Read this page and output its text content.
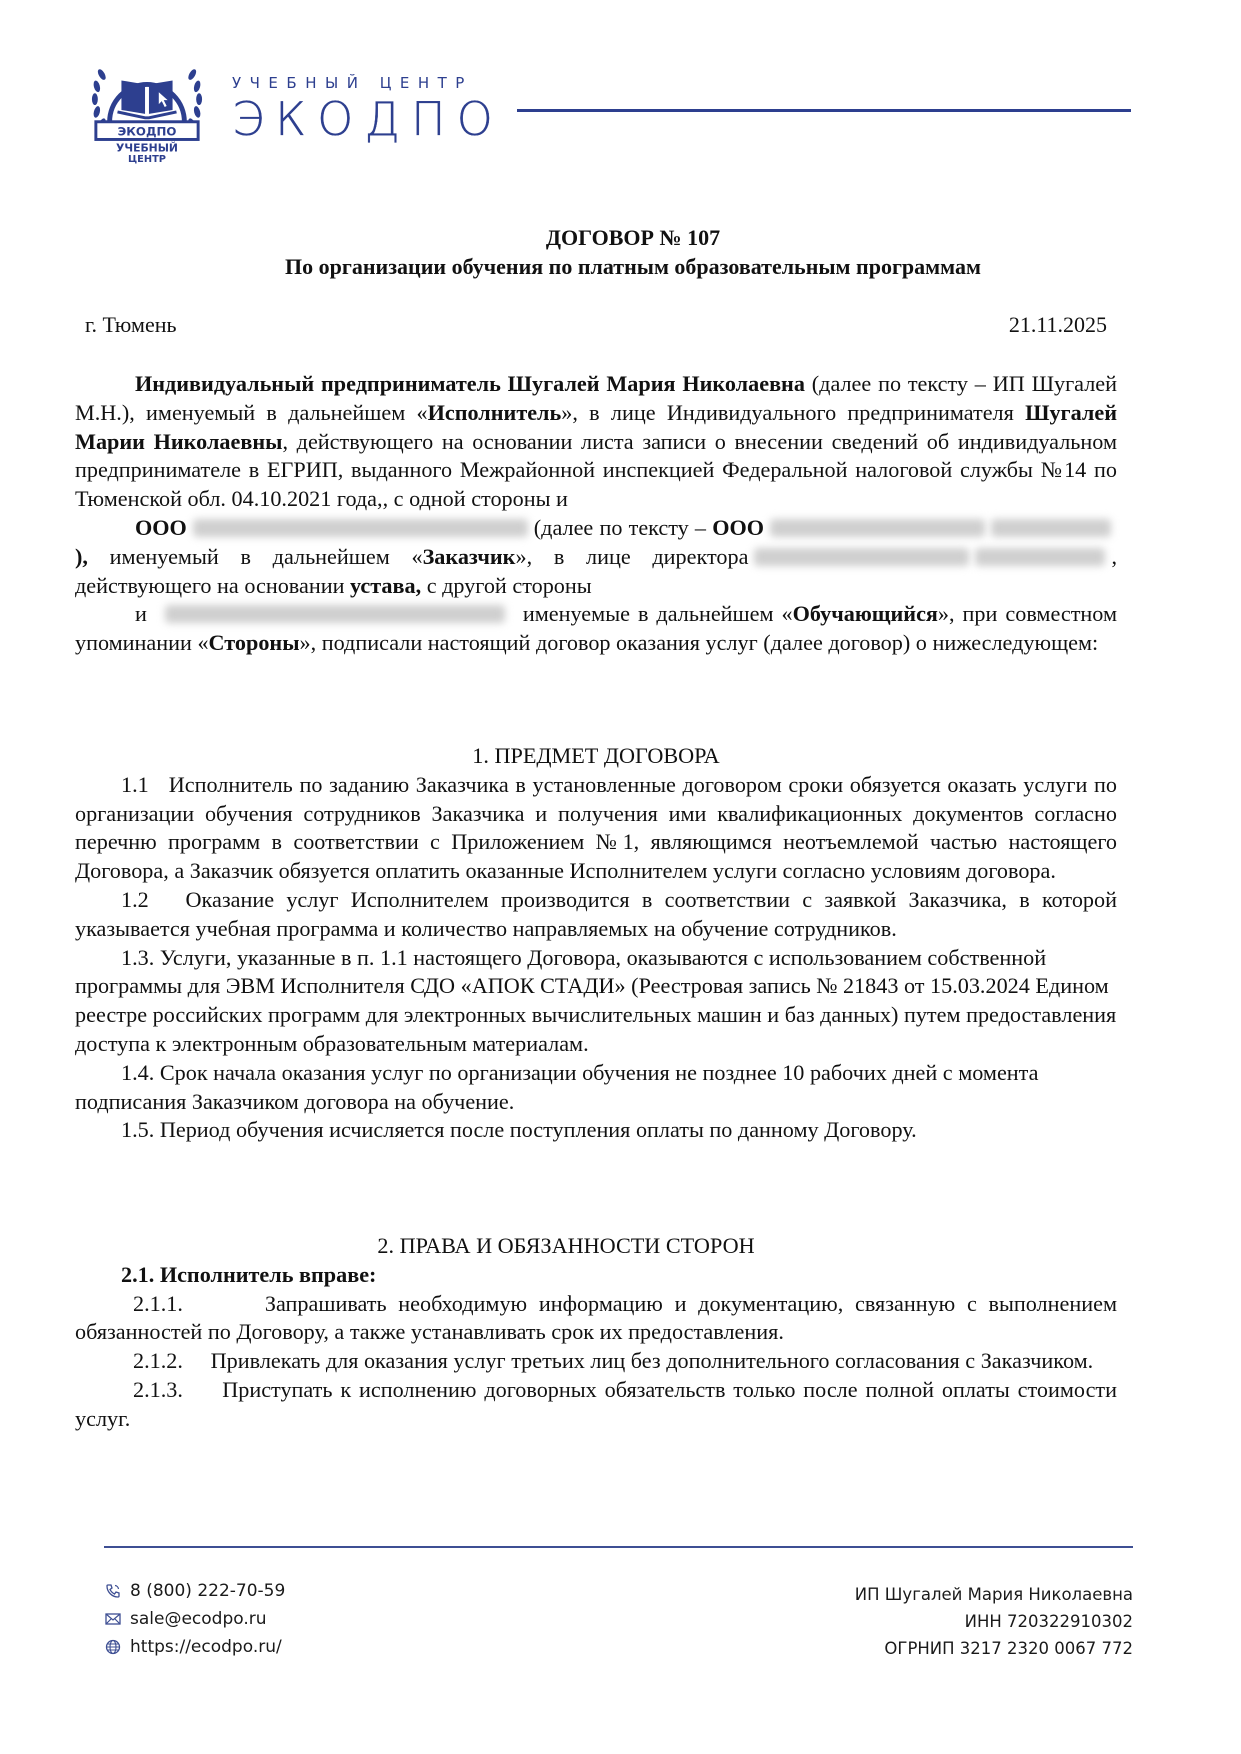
ЭКОДПО
УЧЕБНЫЙ
ЦЕНТР
УЧЕБНЫЙ ЦЕНТР
ЭКОДПО
ДОГОВОР № 107
По организации обучения по платным образовательным программам
г. Тюмень	21.11.2025

Индивидуальный предприниматель Шугалей Мария Николаевна (далее по тексту – ИП Шугалей М.Н.), именуемый в дальнейшем «Исполнитель», в лице Индивидуального предпринимателя Шугалей Марии Николаевны, действующего на основании листа записи о внесении сведений об индивидуальном предпринимателе в ЕГРИП, выданного Межрайонной инспекцией Федеральной налоговой службы №14 по Тюменской обл. 04.10.2021 года,, с одной стороны и

ООО	(далее по тексту – ООО), именуемый в дальнейшем «Заказчик», в лице директора	, действующего на основании устава, с другой стороны

и	именуемые в дальнейшем «Обучающийся», при совместном упоминании «Стороны», подписали настоящий договор оказания услуг (далее договор) о нижеследующем:

1. ПРЕДМЕТ ДОГОВОРА

1.1   Исполнитель по заданию Заказчика в установленные договором сроки обязуется оказать услуги по организации обучения сотрудников Заказчика и получения ими квалификационных документов согласно перечню программ в соответствии с Приложением №1, являющимся неотъемлемой частью настоящего Договора, а Заказчик обязуется оплатить оказанные Исполнителем услуги согласно условиям договора.

1.2   Оказание услуг Исполнителем производится в соответствии с заявкой Заказчика, в которой указывается учебная программа и количество направляемых на обучение сотрудников.

1.3. Услуги, указанные в п. 1.1 настоящего Договора, оказываются с использованием собственной программы для ЭВМ Исполнителя СДО «АПОК СТАДИ» (Реестровая запись № 21843 от 15.03.2024 Едином реестре российских программ для электронных вычислительных машин и баз данных) путем предоставления доступа к электронным образовательным материалам.

1.4. Срок начала оказания услуг по организации обучения не позднее 10 рабочих дней с момента подписания Заказчиком договора на обучение.

1.5. Период обучения исчисляется после поступления оплаты по данному Договору.

2. ПРАВА И ОБЯЗАННОСТИ СТОРОН

2.1. Исполнитель вправе:

2.1.1.       Запрашивать необходимую информацию и документацию, связанную с выполнением обязанностей по Договору, а также устанавливать срок их предоставления.

2.1.2.     Привлекать для оказания услуг третьих лиц без дополнительного согласования с Заказчиком.

2.1.3.     Приступать к исполнению договорных обязательств только после полной оплаты стоимости услуг.

8 (800) 222-70-59
sale@ecodpo.ru
https://ecodpo.ru/
ИП Шугалей Мария Николаевна
ИНН 720322910302
ОГРНИП 3217 2320 0067 772
